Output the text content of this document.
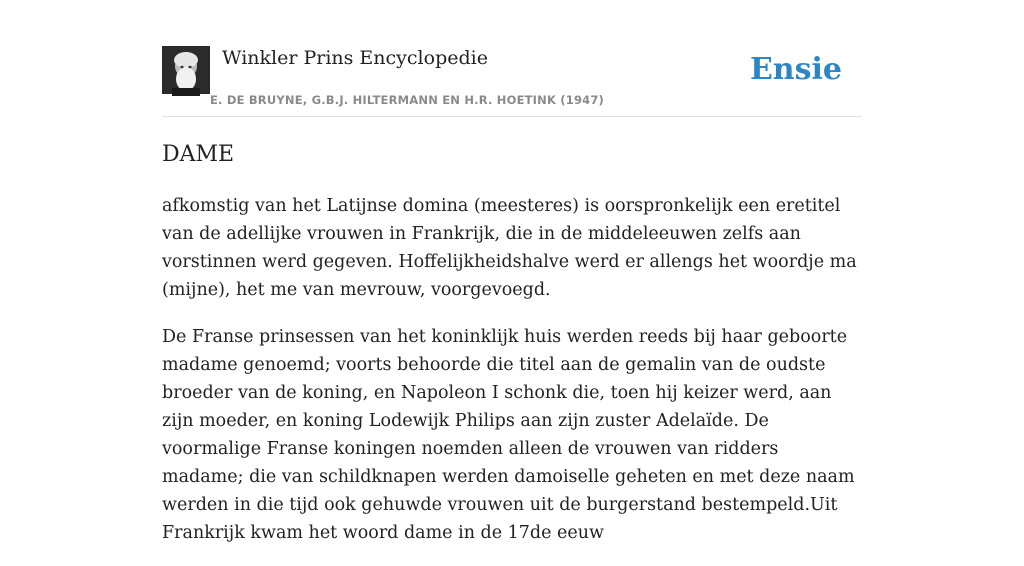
Winkler Prins Encyclopedie
E. DE BRUYNE, G.B.J. HILTERMANN EN H.R. HOETINK (1947)
Ensie
DAME

afkomstig van het Latijnse domina (meesteres) is oorspronkelijk een eretitel van de adellijke vrouwen in Frankrijk, die in de middeleeuwen zelfs aan vorstinnen werd gegeven. Hoffelijkheidshalve werd er allengs het woordje ma (mijne), het me van mevrouw, voorgevoegd.

De Franse prinsessen van het koninklijk huis werden reeds bij haar geboorte madame genoemd; voorts behoorde die titel aan de gemalin van de oudste broeder van de koning, en Napoleon I schonk die, toen hij keizer werd, aan zijn moeder, en koning Lodewijk Philips aan zijn zuster Adelaïde. De voormalige Franse koningen noemden alleen de vrouwen van ridders madame; die van schildknapen werden damoiselle geheten en met deze naam werden in die tijd ook gehuwde vrouwen uit de burgerstand bestempeld.Uit Frankrijk kwam het woord dame in de 17de eeuw
